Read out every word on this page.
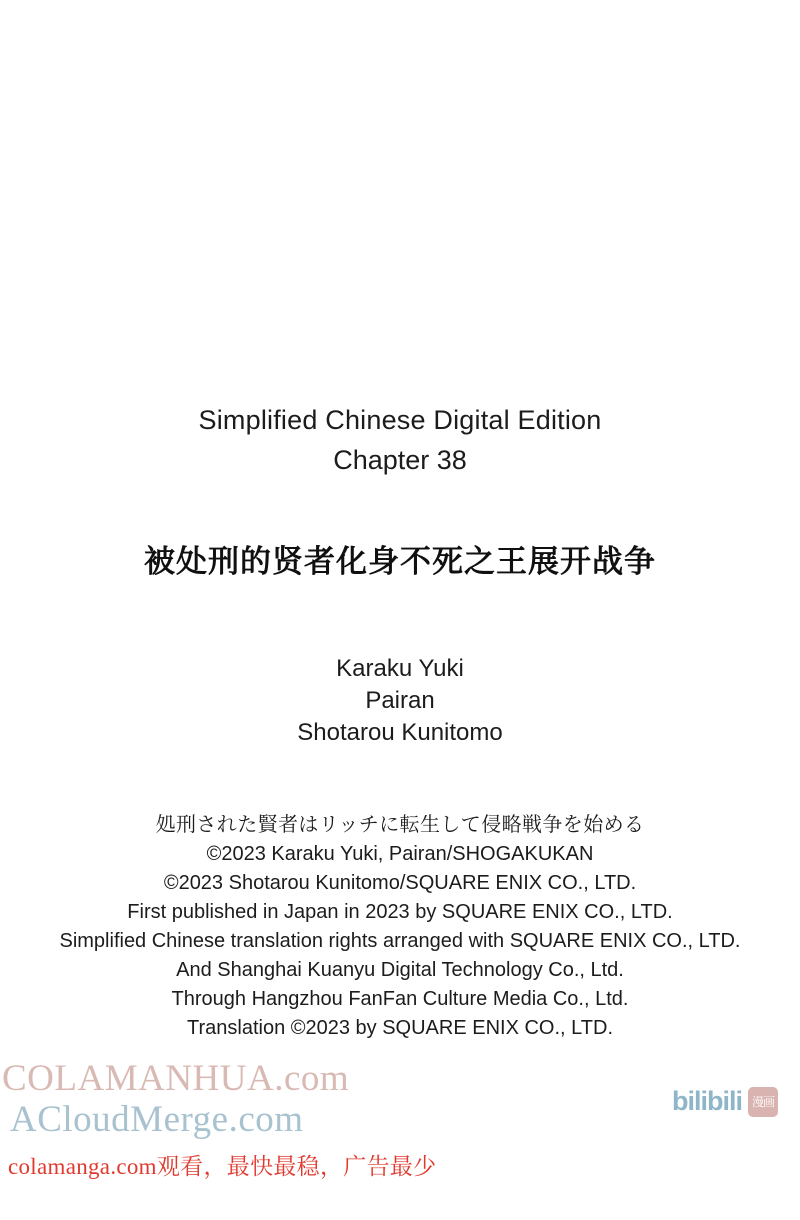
Simplified Chinese Digital Edition
Chapter 38
被处刑的贤者化身不死之王展开战争
Karaku Yuki
Pairan
Shotarou Kunitomo
処刑された賢者はリッチに転生して侵略戦争を始める
©2023 Karaku Yuki, Pairan/SHOGAKUKAN
©2023 Shotarou Kunitomo/SQUARE ENIX CO., LTD.
First published in Japan in 2023 by SQUARE ENIX CO., LTD.
Simplified Chinese translation rights arranged with SQUARE ENIX CO., LTD.
And Shanghai Kuanyu Digital Technology Co., Ltd.
Through Hangzhou FanFan Culture Media Co., Ltd.
Translation ©2023 by SQUARE ENIX CO., LTD.
COLAMANHUA.com
ACloudMerge.com
colamanga.com观看，最快最稳，广告最少
bilibili 漫画
